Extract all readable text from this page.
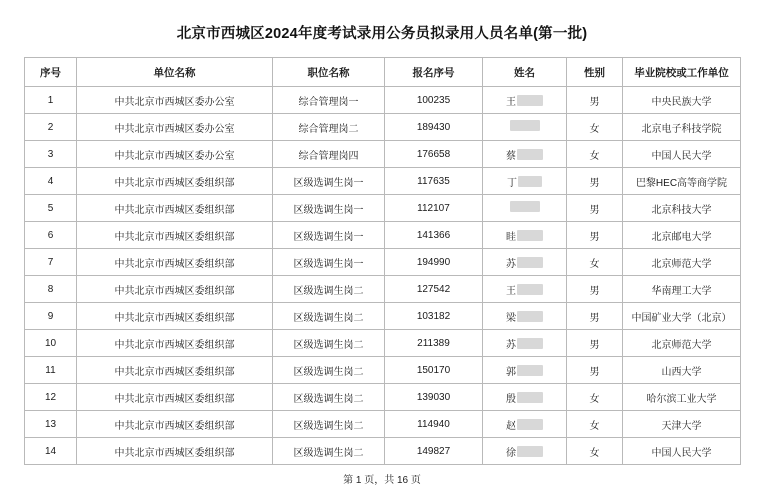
北京市西城区2024年度考试录用公务员拟录用人员名单(第一批)
序号	单位名称	职位名称	报名序号	姓名	性别	毕业院校或工作单位
1	中共北京市西城区委办公室	综合管理岗一	100235	王	男	中央民族大学
2	中共北京市西城区委办公室	综合管理岗二	189430		女	北京电子科技学院
3	中共北京市西城区委办公室	综合管理岗四	176658	蔡	女	中国人民大学
4	中共北京市西城区委组织部	区级选调生岗一	117635	丁	男	巴黎HEC高等商学院
5	中共北京市西城区委组织部	区级选调生岗一	112107		男	北京科技大学
6	中共北京市西城区委组织部	区级选调生岗一	141366	眭	男	北京邮电大学
7	中共北京市西城区委组织部	区级选调生岗一	194990	苏	女	北京师范大学
8	中共北京市西城区委组织部	区级选调生岗二	127542	王	男	华南理工大学
9	中共北京市西城区委组织部	区级选调生岗二	103182	梁	男	中国矿业大学（北京）
10	中共北京市西城区委组织部	区级选调生岗二	211389	苏	男	北京师范大学
11	中共北京市西城区委组织部	区级选调生岗二	150170	郭	男	山西大学
12	中共北京市西城区委组织部	区级选调生岗二	139030	殷	女	哈尔滨工业大学
13	中共北京市西城区委组织部	区级选调生岗二	114940	赵	女	天津大学
14	中共北京市西城区委组织部	区级选调生岗二	149827	徐	女	中国人民大学
第 1 页，共 16 页
